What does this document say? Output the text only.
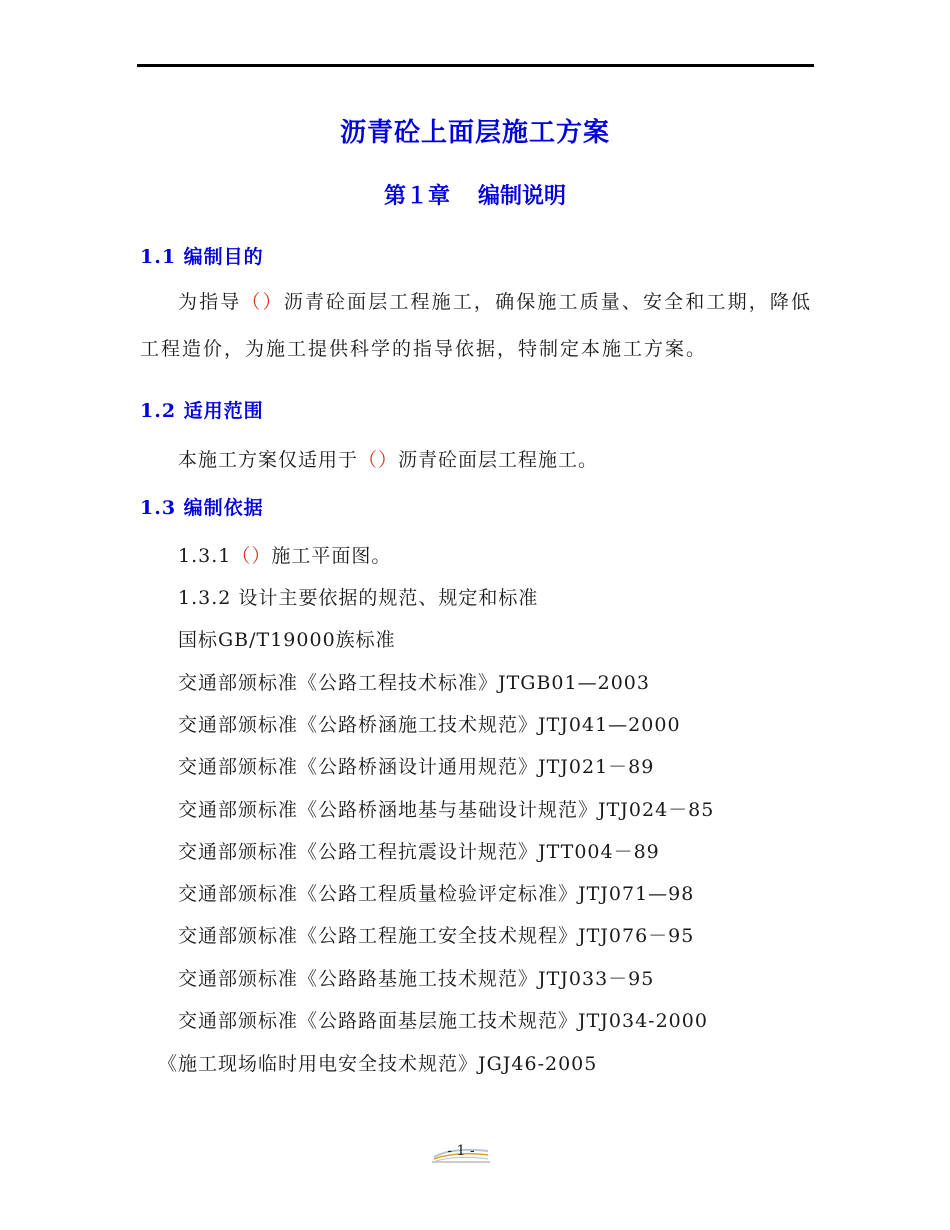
沥青砼上面层施工方案
第１章 编制说明
1.1 编制目的
为指导（）沥青砼面层工程施工，确保施工质量、安全和工期，降低工程造价，为施工提供科学的指导依据，特制定本施工方案。
1.2 适用范围
本施工方案仅适用于（）沥青砼面层工程施工。
1.3 编制依据
1.3.1（）施工平面图。
1.3.2 设计主要依据的规范、规定和标准
国标GB/T19000族标准
交通部颁标准《公路工程技术标准》JTGB01—2003
交通部颁标准《公路桥涵施工技术规范》JTJ041—2000
交通部颁标准《公路桥涵设计通用规范》JTJ021－89
交通部颁标准《公路桥涵地基与基础设计规范》JTJ024－85
交通部颁标准《公路工程抗震设计规范》JTT004－89
交通部颁标准《公路工程质量检验评定标准》JTJ071—98
交通部颁标准《公路工程施工安全技术规程》JTJ076－95
交通部颁标准《公路路基施工技术规范》JTJ033－95
交通部颁标准《公路路面基层施工技术规范》JTJ034-2000
《施工现场临时用电安全技术规范》JGJ46-2005
- 1 -
